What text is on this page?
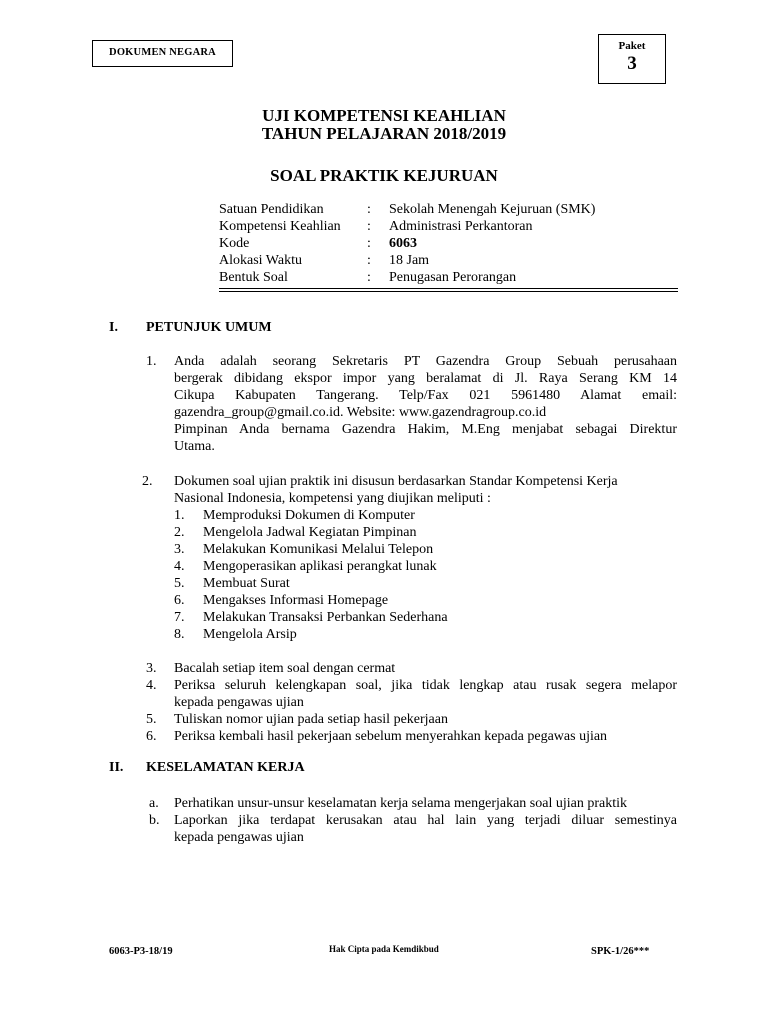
DOKUMEN NEGARA
Paket
3
UJI KOMPETENSI KEAHLIAN
TAHUN PELAJARAN 2018/2019
SOAL PRAKTIK KEJURUAN
Satuan Pendidikan	: Sekolah Menengah Kejuruan (SMK)
Kompetensi Keahlian : Administrasi Perkantoran
Kode	: 6063
Alokasi Waktu	: 18 Jam
Bentuk Soal	: Penugasan Perorangan
I. PETUNJUK UMUM
1. Anda adalah seorang Sekretaris PT Gazendra Group Sebuah perusahaan
bergerak dibidang ekspor impor yang beralamat di Jl. Raya Serang KM 14
Cikupa Kabupaten Tangerang. Telp/Fax 021 5961480 Alamat email:
gazendra_group@gmail.co.id. Website: www.gazendragroup.co.id
Pimpinan Anda bernama Gazendra Hakim, M.Eng menjabat sebagai Direktur
Utama.
2. Dokumen soal ujian praktik ini disusun berdasarkan Standar Kompetensi Kerja
Nasional Indonesia, kompetensi yang diujikan meliputi :
1. Memproduksi Dokumen di Komputer
2. Mengelola Jadwal Kegiatan Pimpinan
3. Melakukan Komunikasi Melalui Telepon
4. Mengoperasikan aplikasi perangkat lunak
5. Membuat Surat
6. Mengakses Informasi Homepage
7. Melakukan Transaksi Perbankan Sederhana
8. Mengelola Arsip
3. Bacalah setiap item soal dengan cermat
4. Periksa seluruh kelengkapan soal, jika tidak lengkap atau rusak segera melapor
kepada pengawas ujian
5. Tuliskan nomor ujian pada setiap hasil pekerjaan
6. Periksa kembali hasil pekerjaan sebelum menyerahkan kepada pegawas ujian
II. KESELAMATAN KERJA
a. Perhatikan unsur-unsur keselamatan kerja selama mengerjakan soal ujian praktik
b. Laporkan jika terdapat kerusakan atau hal lain yang terjadi diluar semestinya
kepada pengawas ujian
6063-P3-18/19	Hak Cipta pada Kemdikbud	SPK-1/26***
